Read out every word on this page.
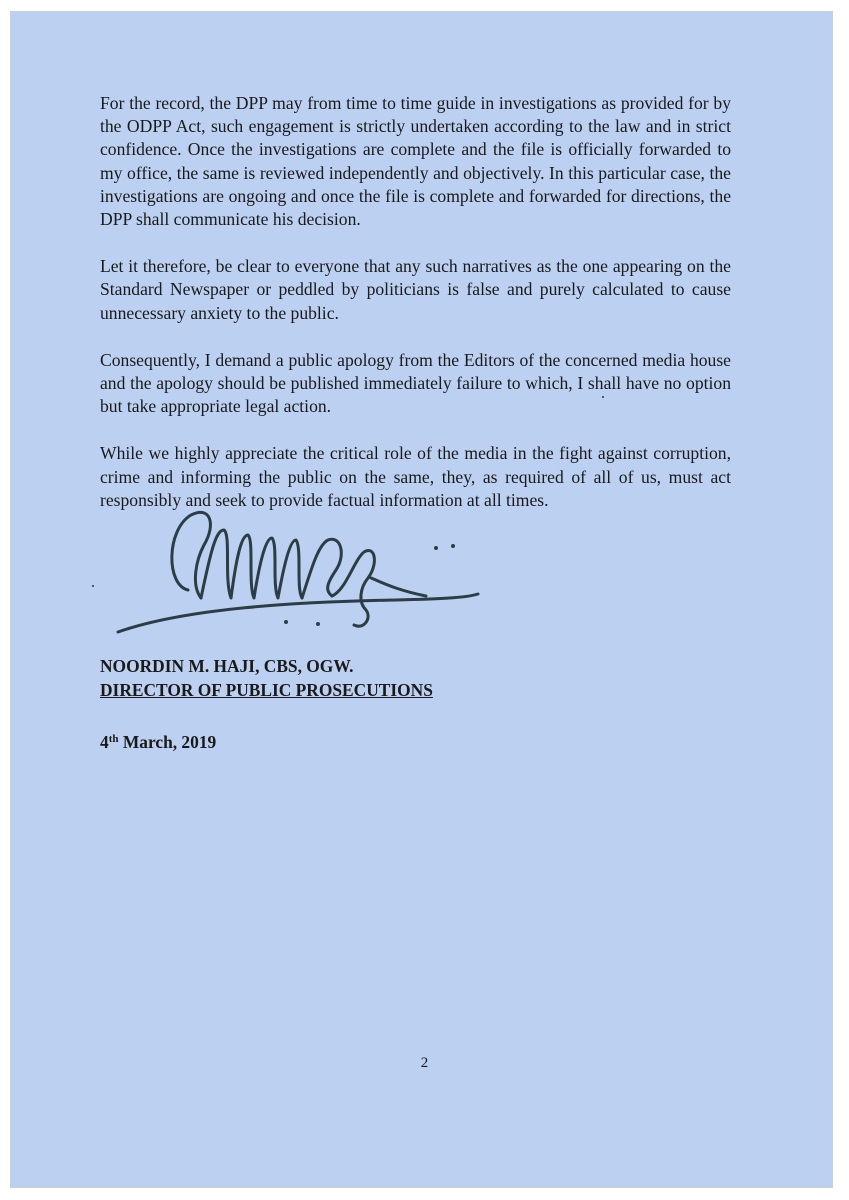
For the record, the DPP may from time to time guide in investigations as provided for by the ODPP Act, such engagement is strictly undertaken according to the law and in strict confidence. Once the investigations are complete and the file is officially forwarded to my office, the same is reviewed independently and objectively. In this particular case, the investigations are ongoing and once the file is complete and forwarded for directions, the DPP shall communicate his decision.

Let it therefore, be clear to everyone that any such narratives as the one appearing on the Standard Newspaper or peddled by politicians is false and purely calculated to cause unnecessary anxiety to the public.

Consequently, I demand a public apology from the Editors of the concerned media house and the apology should be published immediately failure to which, I shall have no option but take appropriate legal action.

While we highly appreciate the critical role of the media in the fight against corruption, crime and informing the public on the same, they, as required of all of us, must act responsibly and seek to provide factual information at all times.

NOORDIN M. HAJI, CBS, OGW.
DIRECTOR OF PUBLIC PROSECUTIONS
4th March, 2019
2
